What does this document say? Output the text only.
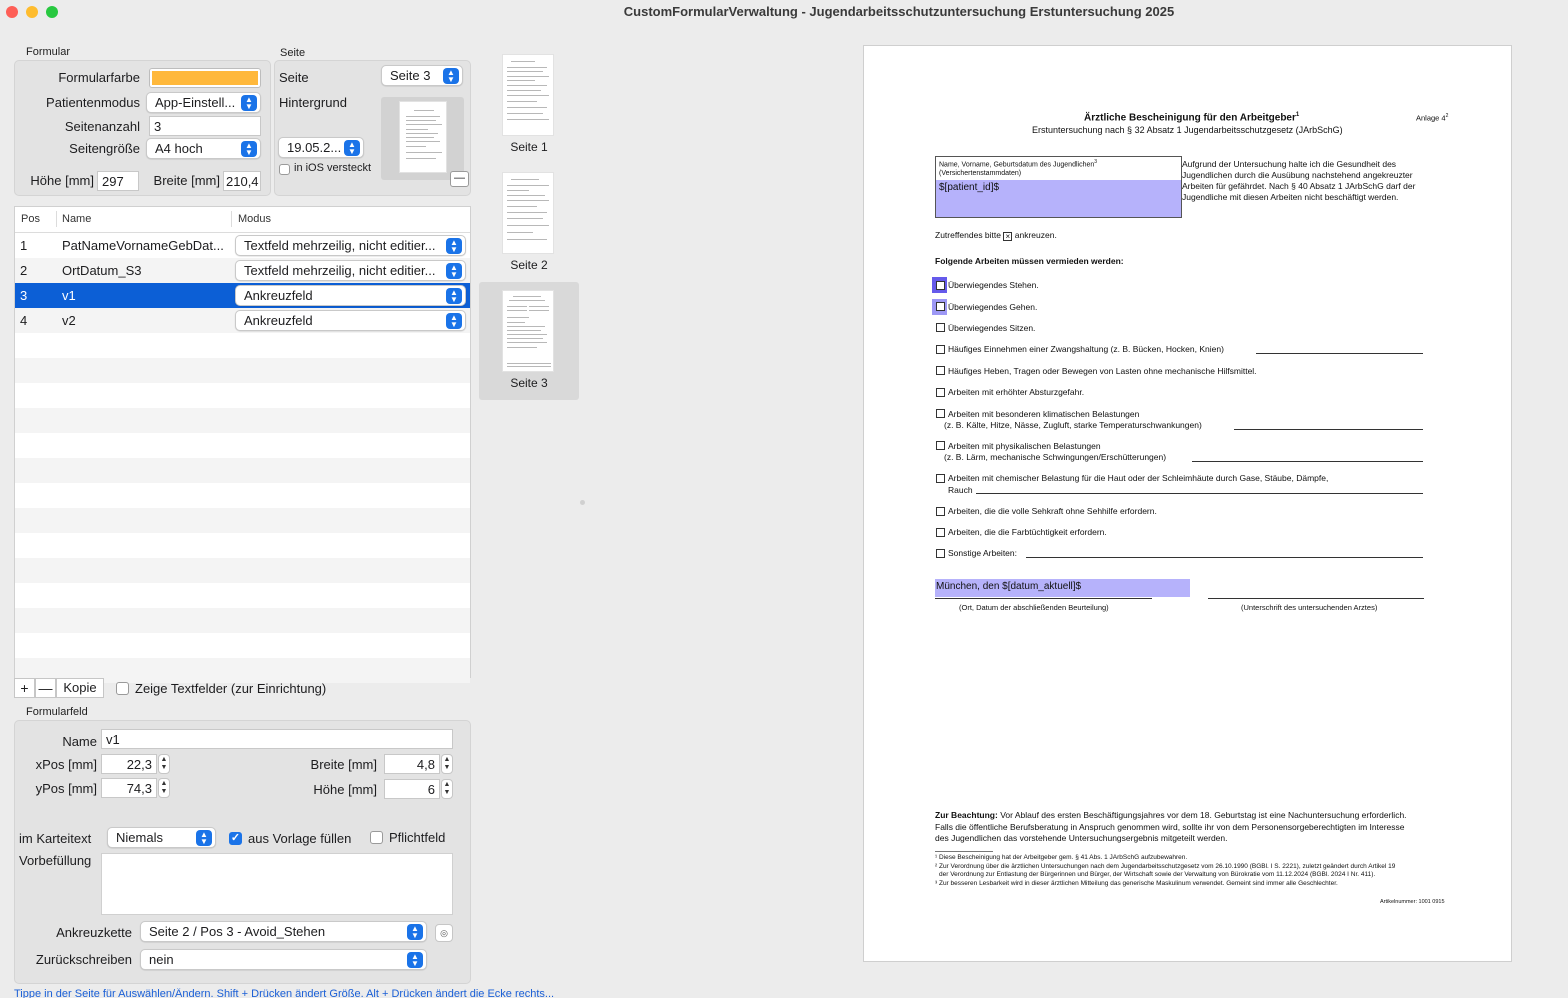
CustomFormularVerwaltung - Jugendarbeitsschutzuntersuchung Erstuntersuchung 2025
Formular
Formularfarbe
Patientenmodus	App-Einstell...	▲
▼
Seitenanzahl	3
Seitengröße	A4 hoch	▲
▼
Höhe [mm] 297	Breite [mm] 210,4
Seite
Seite	Seite 3	▲
▼
Hintergrund
19.05.2... ▲
▼
in iOS versteckt
—
Pos Name	Modus
1	PatNameVornameGebDat...	Textfeld mehrzeilig, nicht editier...	▲
▼
2	OrtDatum_S3	Textfeld mehrzeilig, nicht editier...	▲
▼
3	v1	Ankreuzfeld	▲
▼
4	v2	Ankreuzfeld	▲
▼
+ — Kopie	Zeige Textfelder (zur Einrichtung)
Formularfeld
Name v1
xPos [mm]	22,3	▲
▼
yPos [mm]	74,3	▲
▼
Breite [mm]	4,8	▲
▼
Höhe [mm]	6	▲
▼
im Karteitext	Niemals	▲
▼	✓ aus Vorlage füllen	Pflichtfeld
Vorbefüllung
Ankreuzkette	Seite 2 / Pos 3 - Avoid_Stehen	▲
▼	◎
Zurückschreiben	nein	▲
▼
Seite 1
Seite 2
Seite 3
Ärztliche Bescheinigung für den Arbeitgeber$^1$	Anlage $4^2$
Erstuntersuchung nach § 32 Absatz 1 Jugendarbeitsschutzgesetz (JArbSchG)
Name, Vorname, Geburtsdatum des Jugendlichen$^3$
(Versichertenstammdaten)
$[patient_id]$
Aufgrund der Untersuchung halte ich die Gesundheit des
Jugendlichen durch die Ausübung nachstehend angekreuzter
Arbeiten für gefährdet. Nach § 40 Absatz 1 JArbSchG darf der
Jugendliche mit diesen Arbeiten nicht beschäftigt werden.
Zutreffendes bitte × ankreuzen.
Folgende Arbeiten müssen vermieden werden:
Überwiegendes Stehen.
Überwiegendes Gehen.
Überwiegendes Sitzen.
Häufiges Einnehmen einer Zwangshaltung (z. B. Bücken, Hocken, Knien)
Häufiges Heben, Tragen oder Bewegen von Lasten ohne mechanische Hilfsmittel.
Arbeiten mit erhöhter Absturzgefahr.
Arbeiten mit besonderen klimatischen Belastungen
(z. B. Kälte, Hitze, Nässe, Zugluft, starke Temperaturschwankungen)
Arbeiten mit physikalischen Belastungen
(z. B. Lärm, mechanische Schwingungen/Erschütterungen)
Arbeiten mit chemischer Belastung für die Haut oder der Schleimhäute durch Gase, Stäube, Dämpfe,
Rauch
Arbeiten, die die volle Sehkraft ohne Sehhilfe erfordern.
Arbeiten, die die Farbtüchtigkeit erfordern.
Sonstige Arbeiten:
München, den $[datum_aktuell]$
(Ort, Datum der abschließenden Beurteilung)	(Unterschrift des untersuchenden Arztes)
Zur Beachtung: Vor Ablauf des ersten Beschäftigungsjahres vor dem 18. Geburtstag ist eine Nachuntersuchung erforderlich.
Falls die öffentliche Berufsberatung in Anspruch genommen wird, sollte ihr von dem Personensorgeberechtigten im Interesse
des Jugendlichen das vorstehende Untersuchungsergebnis mitgeteilt werden.
¹ Diese Bescheinigung hat der Arbeitgeber gem. § 41 Abs. 1 JArbSchG aufzubewahren.
² Zur Verordnung über die ärztlichen Untersuchungen nach dem Jugendarbeitsschutzgesetz vom 26.10.1990 (BGBl. I S. 2221), zuletzt geändert durch Artikel 19
der Verordnung zur Entlastung der Bürgerinnen und Bürger, der Wirtschaft sowie der Verwaltung von Bürokratie vom 11.12.2024 (BGBl. 2024 I Nr. 411).
³ Zur besseren Lesbarkeit wird in dieser ärztlichen Mitteilung das generische Maskulinum verwendet. Gemeint sind immer alle Geschlechter.
Artikelnummer: 1001 0915
Tippe in der Seite für Auswählen/Ändern. Shift + Drücken ändert Größe. Alt + Drücken ändert die Ecke rechts...
